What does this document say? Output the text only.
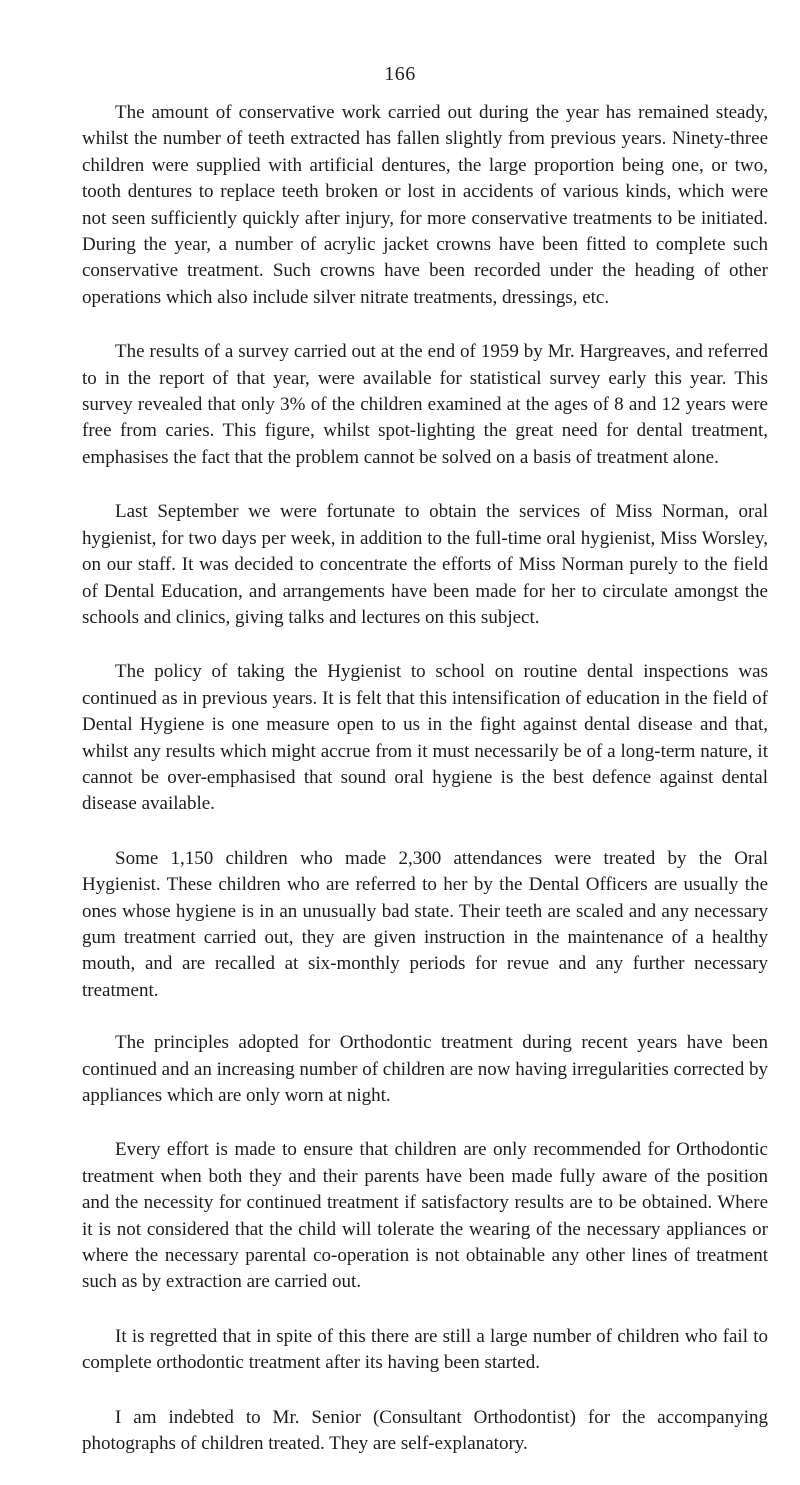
166

The amount of conservative work carried out during the year has remained steady, whilst the number of teeth extracted has fallen slightly from previous years. Ninety-three children were supplied with artificial dentures, the large proportion being one, or two, tooth dentures to replace teeth broken or lost in accidents of various kinds, which were not seen sufficiently quickly after injury, for more conservative treatments to be initiated. During the year, a number of acrylic jacket crowns have been fitted to complete such conservative treatment. Such crowns have been recorded under the heading of other operations which also include silver nitrate treatments, dressings, etc.

The results of a survey carried out at the end of 1959 by Mr. Hargreaves, and referred to in the report of that year, were available for statistical survey early this year. This survey revealed that only 3% of the children examined at the ages of 8 and 12 years were free from caries. This figure, whilst spot-lighting the great need for dental treatment, emphasises the fact that the problem cannot be solved on a basis of treatment alone.

Last September we were fortunate to obtain the services of Miss Norman, oral hygienist, for two days per week, in addition to the full-time oral hygienist, Miss Worsley, on our staff. It was decided to concentrate the efforts of Miss Norman purely to the field of Dental Education, and arrangements have been made for her to circulate amongst the schools and clinics, giving talks and lectures on this subject.

The policy of taking the Hygienist to school on routine dental inspections was continued as in previous years. It is felt that this intensification of education in the field of Dental Hygiene is one measure open to us in the fight against dental disease and that, whilst any results which might accrue from it must necessarily be of a long-term nature, it cannot be over-emphasised that sound oral hygiene is the best defence against dental disease available.

Some 1,150 children who made 2,300 attendances were treated by the Oral Hygienist. These children who are referred to her by the Dental Officers are usually the ones whose hygiene is in an unusually bad state. Their teeth are scaled and any necessary gum treatment carried out, they are given instruction in the maintenance of a healthy mouth, and are recalled at six-monthly periods for revue and any further necessary treatment.

The principles adopted for Orthodontic treatment during recent years have been continued and an increasing number of children are now having irregularities corrected by appliances which are only worn at night.

Every effort is made to ensure that children are only recommended for Orthodontic treatment when both they and their parents have been made fully aware of the position and the necessity for continued treatment if satisfactory results are to be obtained. Where it is not considered that the child will tolerate the wearing of the necessary appliances or where the necessary parental co-operation is not obtainable any other lines of treatment such as by extraction are carried out.

It is regretted that in spite of this there are still a large number of children who fail to complete orthodontic treatment after its having been started.

I am indebted to Mr. Senior (Consultant Orthodontist) for the accompanying photographs of children treated. They are self-explanatory.
